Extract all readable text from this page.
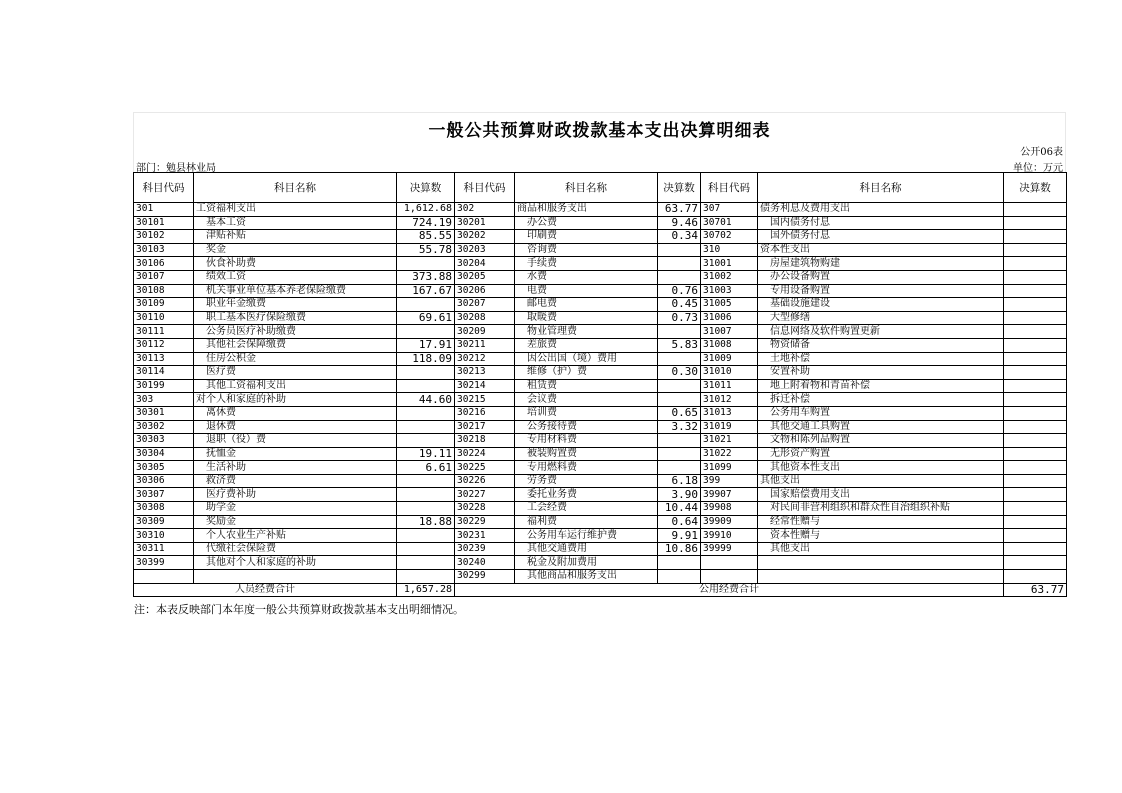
一般公共预算财政拨款基本支出决算明细表
公开06表
部门：勉县林业局	单位：万元
科目代码	科目名称	决算数	科目代码	科目名称	决算数	科目代码	科目名称	决算数
301	工资福利支出	1,612.68	302	商品和服务支出	63.77	307	债务利息及费用支出	
30101	基本工资	724.19	30201	办公费	9.46	30701	国内债务付息	
30102	津贴补贴	85.55	30202	印刷费	0.34	30702	国外债务付息	
30103	奖金	55.78	30203	咨询费		310	资本性支出	
30106	伙食补助费		30204	手续费		31001	房屋建筑物购建	
30107	绩效工资	373.88	30205	水费		31002	办公设备购置	
30108	机关事业单位基本养老保险缴费	167.67	30206	电费	0.76	31003	专用设备购置	
30109	职业年金缴费		30207	邮电费	0.45	31005	基础设施建设	
30110	职工基本医疗保险缴费	69.61	30208	取暖费	0.73	31006	大型修缮	
30111	公务员医疗补助缴费		30209	物业管理费		31007	信息网络及软件购置更新	
30112	其他社会保障缴费	17.91	30211	差旅费	5.83	31008	物资储备	
30113	住房公积金	118.09	30212	因公出国（境）费用		31009	土地补偿	
30114	医疗费		30213	维修（护）费	0.30	31010	安置补助	
30199	其他工资福利支出		30214	租赁费		31011	地上附着物和青苗补偿	
303	对个人和家庭的补助	44.60	30215	会议费		31012	拆迁补偿	
30301	离休费		30216	培训费	0.65	31013	公务用车购置	
30302	退休费		30217	公务接待费	3.32	31019	其他交通工具购置	
30303	退职（役）费		30218	专用材料费		31021	文物和陈列品购置	
30304	抚恤金	19.11	30224	被装购置费		31022	无形资产购置	
30305	生活补助	6.61	30225	专用燃料费		31099	其他资本性支出	
30306	救济费		30226	劳务费	6.18	399	其他支出	
30307	医疗费补助		30227	委托业务费	3.90	39907	国家赔偿费用支出	
30308	助学金		30228	工会经费	10.44	39908	对民间非营利组织和群众性自治组织补贴	
30309	奖励金	18.88	30229	福利费	0.64	39909	经常性赠与	
30310	个人农业生产补贴		30231	公务用车运行维护费	9.91	39910	资本性赠与	
30311	代缴社会保险费		30239	其他交通费用	10.86	39999	其他支出	
30399	其他对个人和家庭的补助		30240	税金及附加费用				
			30299	其他商品和服务支出				
人员经费合计		1,657.28	公用经费合计					63.77
注：本表反映部门本年度一般公共预算财政拨款基本支出明细情况。
